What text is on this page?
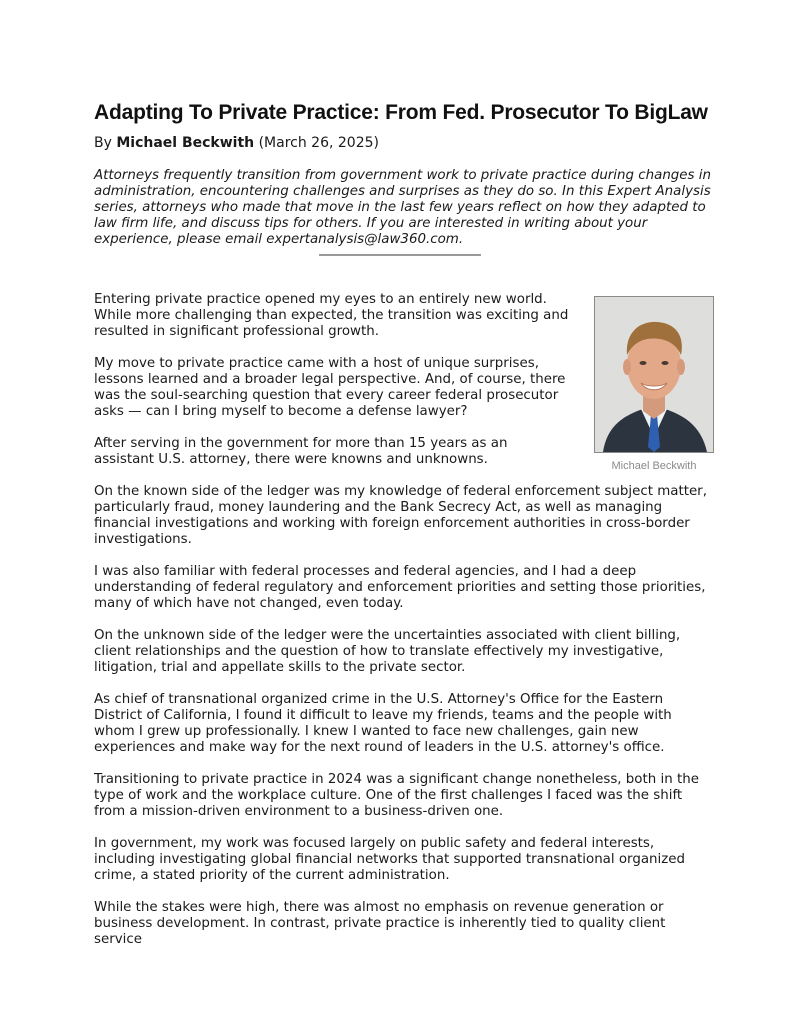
Adapting To Private Practice: From Fed. Prosecutor To BigLaw
By Michael Beckwith (March 26, 2025)
Attorneys frequently transition from government work to private practice during changes in administration, encountering challenges and surprises as they do so. In this Expert Analysis series, attorneys who made that move in the last few years reflect on how they adapted to law firm life, and discuss tips for others. If you are interested in writing about your experience, please email expertanalysis@law360.com.
Michael Beckwith

Entering private practice opened my eyes to an entirely new world. While more challenging than expected, the transition was exciting and resulted in significant professional growth.

My move to private practice came with a host of unique surprises, lessons learned and a broader legal perspective. And, of course, there was the soul-searching question that every career federal prosecutor asks — can I bring myself to become a defense lawyer?

After serving in the government for more than 15 years as an assistant U.S. attorney, there were knowns and unknowns.

On the known side of the ledger was my knowledge of federal enforcement subject matter, particularly fraud, money laundering and the Bank Secrecy Act, as well as managing financial investigations and working with foreign enforcement authorities in cross-border investigations.

I was also familiar with federal processes and federal agencies, and I had a deep understanding of federal regulatory and enforcement priorities and setting those priorities, many of which have not changed, even today.

On the unknown side of the ledger were the uncertainties associated with client billing, client relationships and the question of how to translate effectively my investigative, litigation, trial and appellate skills to the private sector.

As chief of transnational organized crime in the U.S. Attorney's Office for the Eastern District of California, I found it difficult to leave my friends, teams and the people with whom I grew up professionally. I knew I wanted to face new challenges, gain new experiences and make way for the next round of leaders in the U.S. attorney's office.

Transitioning to private practice in 2024 was a significant change nonetheless, both in the type of work and the workplace culture. One of the first challenges I faced was the shift from a mission-driven environment to a business-driven one.

In government, my work was focused largely on public safety and federal interests, including investigating global financial networks that supported transnational organized crime, a stated priority of the current administration.

While the stakes were high, there was almost no emphasis on revenue generation or business development. In contrast, private practice is inherently tied to quality client service
